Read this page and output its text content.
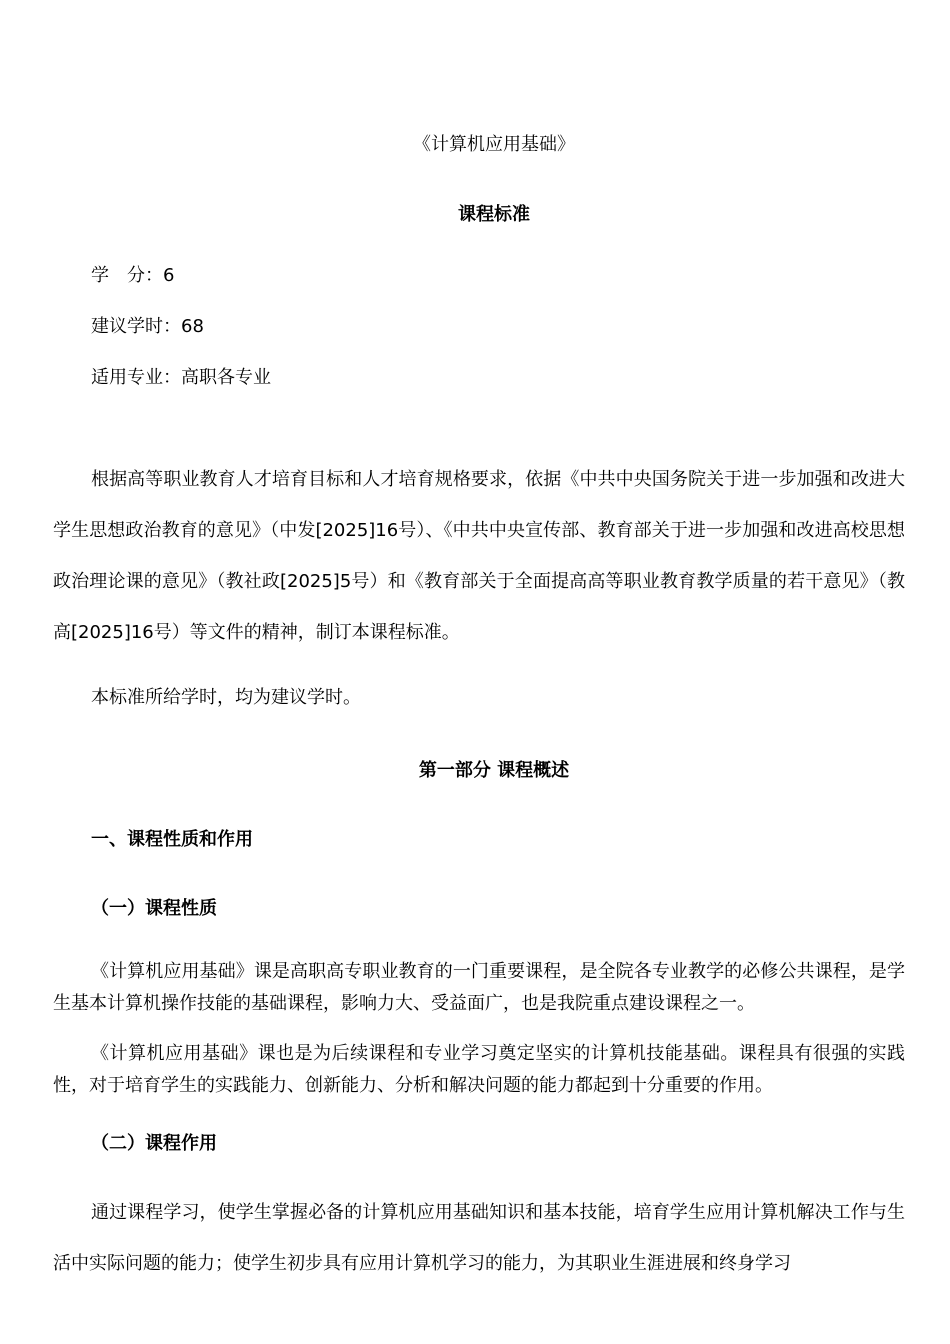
《计算机应用基础》
课程标准
学　分：6
建议学时：68
适用专业：高职各专业

根据高等职业教育人才培育目标和人才培育规格要求，依据《中共中央国务院关于进一步加强和改进大学生思想政治教育的意见》（中发[2025]16号）、《中共中央宣传部、教育部关于进一步加强和改进高校思想政治理论课的意见》（教社政[2025]5号）和《教育部关于全面提高高等职业教育教学质量的若干意见》（教高[2025]16号）等文件的精神，制订本课程标准。

本标准所给学时，均为建议学时。

第一部分 课程概述
一、课程性质和作用
（一）课程性质

《计算机应用基础》课是高职高专职业教育的一门重要课程，是全院各专业教学的必修公共课程，是学生基本计算机操作技能的基础课程，影响力大、受益面广，也是我院重点建设课程之一。

《计算机应用基础》课也是为后续课程和专业学习奠定坚实的计算机技能基础。课程具有很强的实践性，对于培育学生的实践能力、创新能力、分析和解决问题的能力都起到十分重要的作用。

（二）课程作用

通过课程学习，使学生掌握必备的计算机应用基础知识和基本技能，培育学生应用计算机解决工作与生活中实际问题的能力；使学生初步具有应用计算机学习的能力，为其职业生涯进展和终身学习
